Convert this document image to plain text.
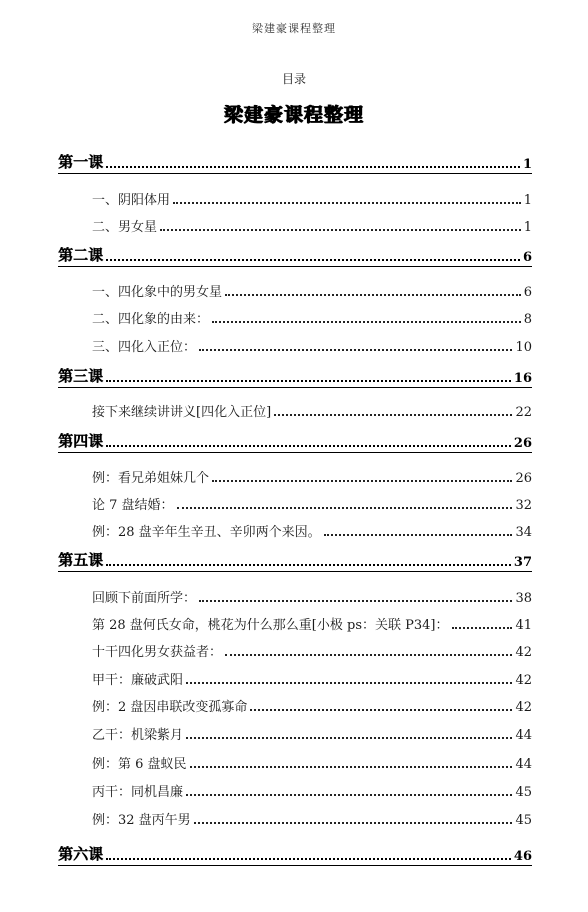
梁建豪课程整理
目录
梁建豪课程整理
第一课	1
一、阴阳体用	1
二、男女星	1
第二课	6
一、四化象中的男女星	6
二、四化象的由来：	8
三、四化入正位：	10
第三课	16
接下来继续讲讲义[四化入正位]	22
第四课	26
例：看兄弟姐妹几个	26
论 7 盘结婚：	32
例：28 盘辛年生辛丑、辛卯两个来因。	34
第五课	37
回顾下前面所学：	38
第 28 盘何氏女命，桃花为什么那么重[小极 ps：关联 P34]：	41
十干四化男女获益者：	42
甲干：廉破武阳	42
例：2 盘因串联改变孤寡命	42
乙干：机梁紫月	44
例：第 6 盘蚁民	44
丙干：同机昌廉	45
例：32 盘丙午男	45
第六课	46
